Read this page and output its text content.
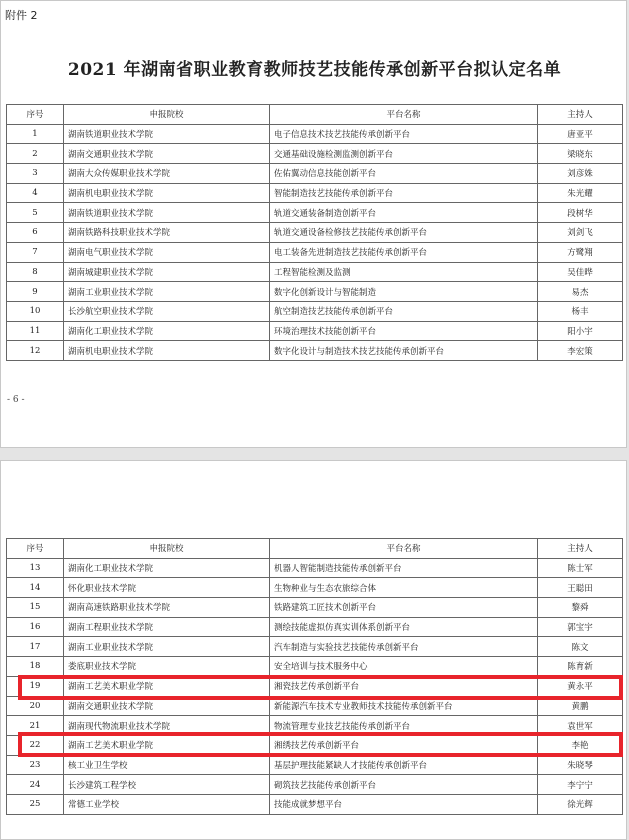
附件 2
2021 年湖南省职业教育教师技艺技能传承创新平台拟认定名单
- 6 -
序号	申报院校	平台名称	主持人
1	湖南铁道职业技术学院	电子信息技术技艺技能传承创新平台	唐亚平
2	湖南交通职业技术学院	交通基础设施检测监测创新平台	梁晓东
3	湖南大众传媒职业技术学院	佐佑翼动信息技能创新平台	刘彦姝
4	湖南机电职业技术学院	智能制造技艺技能传承创新平台	朱光耀
5	湖南铁道职业技术学院	轨道交通装备制造创新平台	段树华
6	湖南铁路科技职业技术学院	轨道交通设备检修技艺技能传承创新平台	刘剑飞
7	湖南电气职业技术学院	电工装备先进制造技艺技能传承创新平台	方鹭翔
8	湖南城建职业技术学院	工程智能检测及监测	吴佳晔
9	湖南工业职业技术学院	数字化创新设计与智能制造	易杰
10	长沙航空职业技术学院	航空制造技艺技能传承创新平台	杨丰
11	湖南化工职业技术学院	环境治理技术技能创新平台	阳小宇
12	湖南机电职业技术学院	数字化设计与制造技术技艺技能传承创新平台	李宏策
序号	申报院校	平台名称	主持人
13	湖南化工职业技术学院	机器人智能制造技能传承创新平台	陈士军
14	怀化职业技术学院	生物种业与生态农旅综合体	王聪田
15	湖南高速铁路职业技术学院	铁路建筑工匠技术创新平台	黎舜
16	湖南工程职业技术学院	测绘技能虚拟仿真实训体系创新平台	郭宝宇
17	湖南工业职业技术学院	汽车制造与实验技艺技能传承创新平台	陈文
18	娄底职业技术学院	安全培训与技术服务中心	陈育新
19	湖南工艺美术职业学院	湘瓷技艺传承创新平台	黄永平
20	湖南交通职业技术学院	新能源汽车技术专业教师技术技能传承创新平台	黄鹏
21	湖南现代物流职业技术学院	物流管理专业技艺技能传承创新平台	袁世军
22	湖南工艺美术职业学院	湘绣技艺传承创新平台	李艳
23	核工业卫生学校	基层护理技能紧缺人才技能传承创新平台	朱晓琴
24	长沙建筑工程学校	砌筑技艺技能传承创新平台	李宁宁
25	常德工业学校	技能成就梦想平台	徐光辉
